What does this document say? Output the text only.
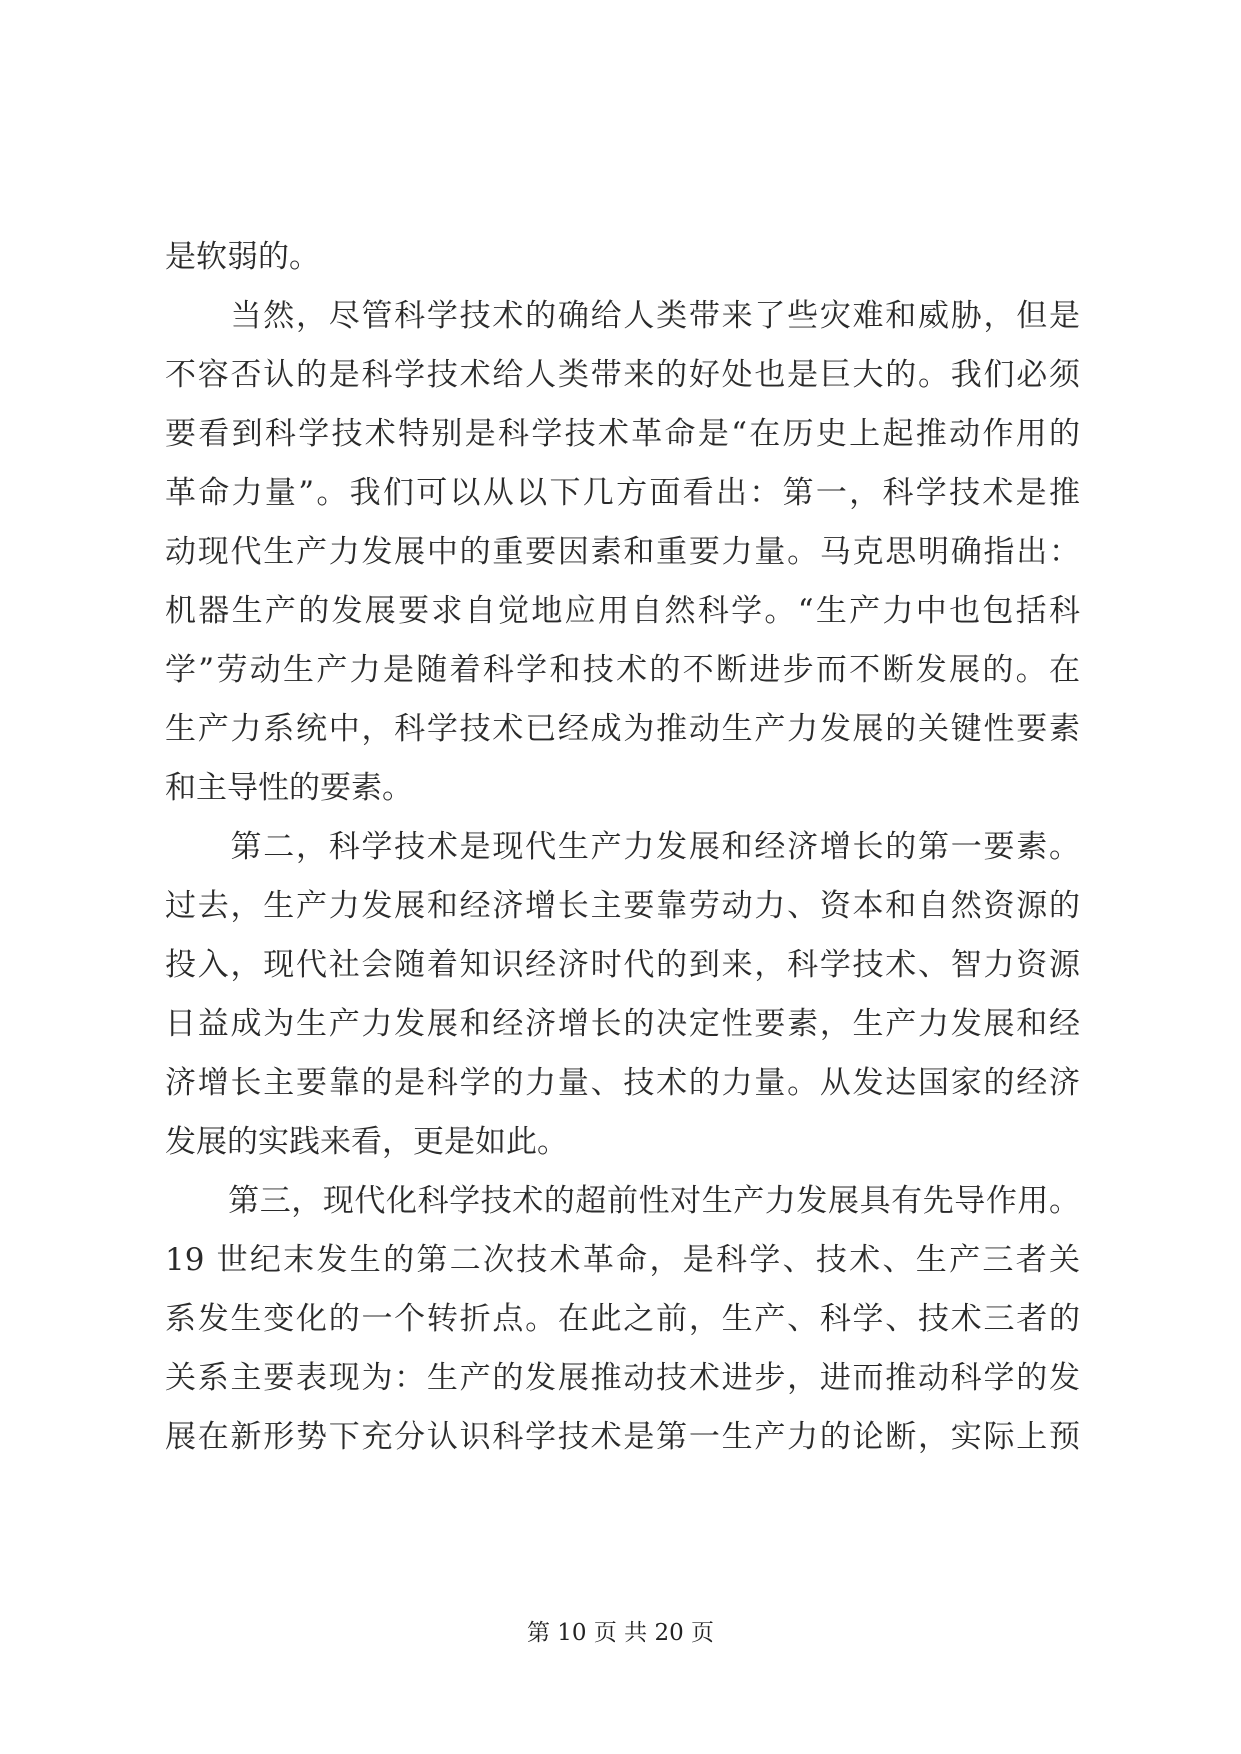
是软弱的。
　　当然，尽管科学技术的确给人类带来了些灾难和威胁，但是
不容否认的是科学技术给人类带来的好处也是巨大的。我们必须
要看到科学技术特别是科学技术革命是“在历史上起推动作用的
革命力量”。我们可以从以下几方面看出：第一，科学技术是推
动现代生产力发展中的重要因素和重要力量。马克思明确指出：
机器生产的发展要求自觉地应用自然科学。“生产力中也包括科
学”劳动生产力是随着科学和技术的不断进步而不断发展的。在
生产力系统中，科学技术已经成为推动生产力发展的关键性要素
和主导性的要素。
　　第二，科学技术是现代生产力发展和经济增长的第一要素。
过去，生产力发展和经济增长主要靠劳动力、资本和自然资源的
投入，现代社会随着知识经济时代的到来，科学技术、智力资源
日益成为生产力发展和经济增长的决定性要素，生产力发展和经
济增长主要靠的是科学的力量、技术的力量。从发达国家的经济
发展的实践来看，更是如此。
　　第三，现代化科学技术的超前性对生产力发展具有先导作用。
19 世纪末发生的第二次技术革命，是科学、技术、生产三者关
系发生变化的一个转折点。在此之前，生产、科学、技术三者的
关系主要表现为：生产的发展推动技术进步，进而推动科学的发
展在新形势下充分认识科学技术是第一生产力的论断，实际上预
第 10 页 共 20 页
